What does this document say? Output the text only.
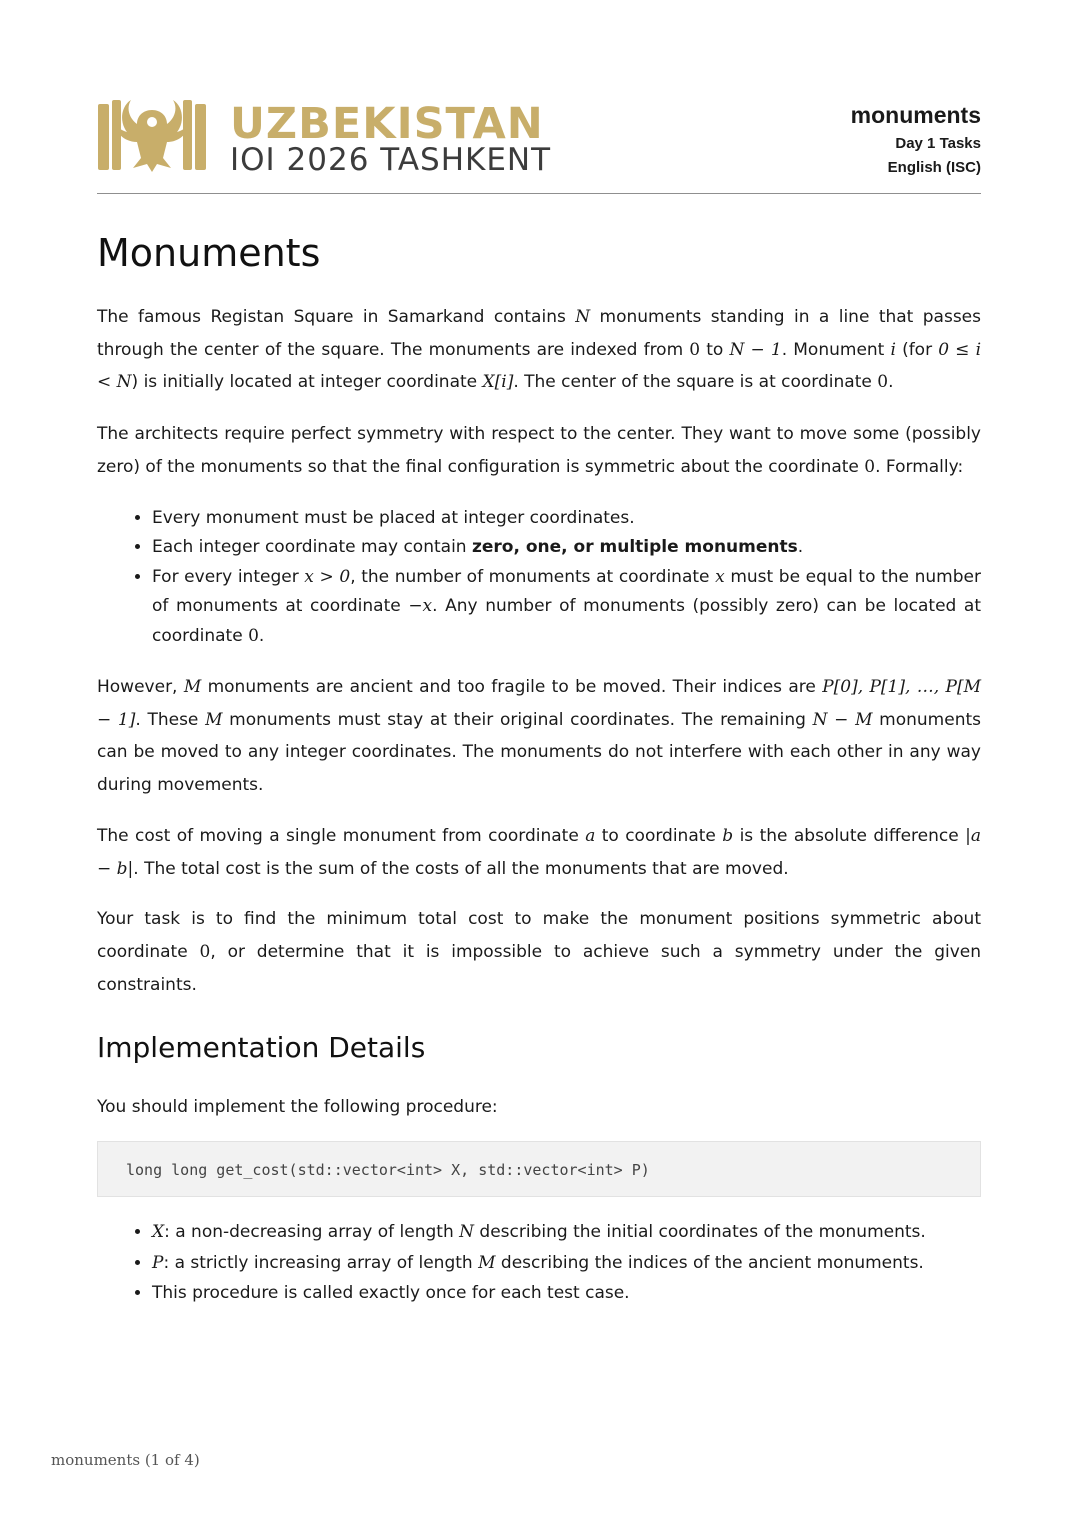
UZBEKISTAN
IOI 2026 TASHKENT
monuments
Day 1 Tasks
English (ISC)
Monuments

The famous Registan Square in Samarkand contains N monuments standing in a line that passes through the center of the square. The monuments are indexed from 0 to N − 1. Monument i (for 0 ≤ i < N) is initially located at integer coordinate X[i]. The center of the square is at coordinate 0.

The architects require perfect symmetry with respect to the center. They want to move some (possibly zero) of the monuments so that the final configuration is symmetric about the coordinate 0. Formally:

• Every monument must be placed at integer coordinates.
• Each integer coordinate may contain zero, one, or multiple monuments.
• For every integer x > 0, the number of monuments at coordinate x must be equal to the number of monuments at coordinate −x. Any number of monuments (possibly zero) can be located at coordinate 0.

However, M monuments are ancient and too fragile to be moved. Their indices are P[0], P[1], …, P[M − 1]. These M monuments must stay at their original coordinates. The remaining N − M monuments can be moved to any integer coordinates. The monuments do not interfere with each other in any way during movements.

The cost of moving a single monument from coordinate a to coordinate b is the absolute difference |a − b|. The total cost is the sum of the costs of all the monuments that are moved.

Your task is to find the minimum total cost to make the monument positions symmetric about coordinate 0, or determine that it is impossible to achieve such a symmetry under the given constraints.

Implementation Details

You should implement the following procedure:

long long get_cost(std::vector<int> X, std::vector<int> P)
• X: a non-decreasing array of length N describing the initial coordinates of the monuments.
• P: a strictly increasing array of length M describing the indices of the ancient monuments.
• This procedure is called exactly once for each test case.
monuments (1 of 4)
